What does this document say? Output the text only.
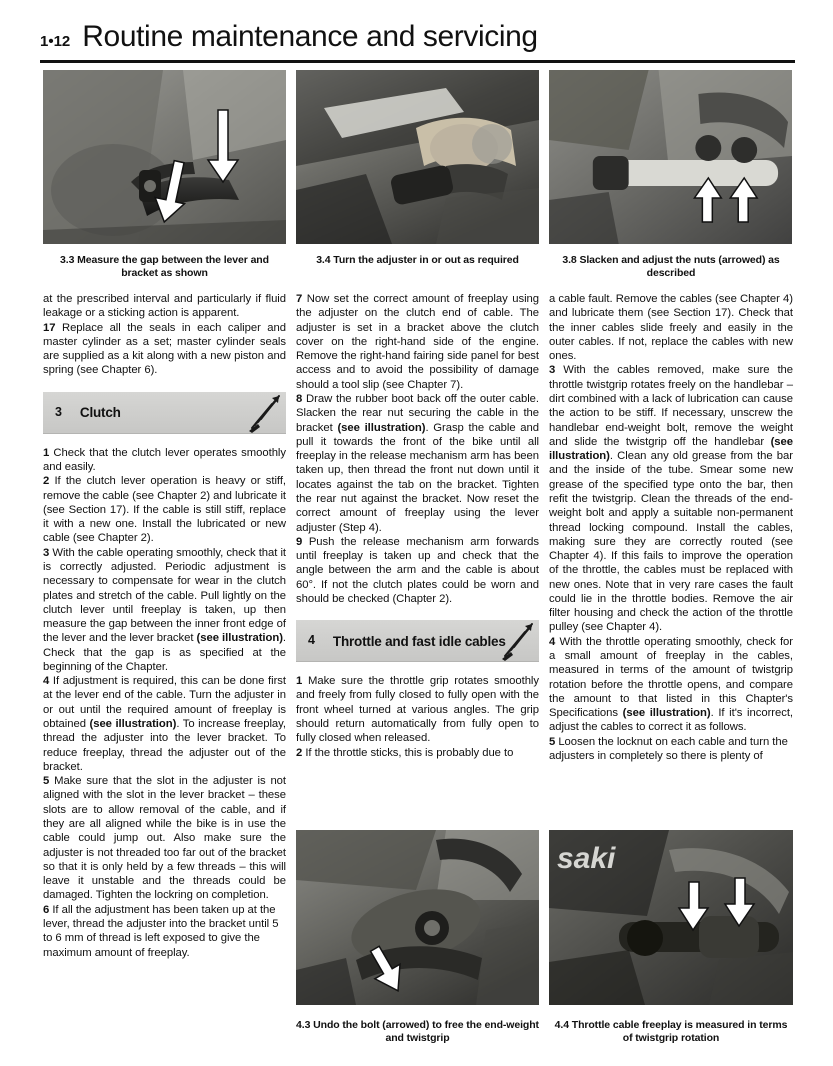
1•12 Routine maintenance and servicing
3.3 Measure the gap between the lever and bracket as shown
3.4 Turn the adjuster in or out as required	3.8 Slacken and adjust the nuts (arrowed) as described

at the prescribed interval and particularly if fluid leakage or a sticking action is apparent.

17 Replace all the seals in each caliper and master cylinder as a set; master cylinder seals are supplied as a kit along with a new piston and spring (see Chapter 6).

3 Clutch

1 Check that the clutch lever operates smoothly and easily.

2 If the clutch lever operation is heavy or stiff, remove the cable (see Chapter 2) and lubricate it (see Section 17). If the cable is still stiff, replace it with a new one. Install the lubricated or new cable (see Chapter 2).

3 With the cable operating smoothly, check that it is correctly adjusted. Periodic adjustment is necessary to compensate for wear in the clutch plates and stretch of the cable. Pull lightly on the clutch lever until freeplay is taken, up then measure the gap between the inner front edge of the lever and the lever bracket (see illustration). Check that the gap is as specified at the beginning of the Chapter.

4 If adjustment is required, this can be done first at the lever end of the cable. Turn the adjuster in or out until the required amount of freeplay is obtained (see illustration). To increase freeplay, thread the adjuster into the lever bracket. To reduce freeplay, thread the adjuster out of the bracket.

5 Make sure that the slot in the adjuster is not aligned with the slot in the lever bracket – these slots are to allow removal of the cable, and if they are all aligned while the bike is in use the cable could jump out. Also make sure the adjuster is not threaded too far out of the bracket so that it is only held by a few threads – this will leave it unstable and the threads could be damaged. Tighten the lockring on completion.

6 If all the adjustment has been taken up at the lever, thread the adjuster into the bracket until 5 to 6 mm of thread is left exposed to give the maximum amount of freeplay.

7 Now set the correct amount of freeplay using the adjuster on the clutch end of cable. The adjuster is set in a bracket above the clutch cover on the right-hand side of the engine. Remove the right-hand fairing side panel for best access and to avoid the possibility of damage should a tool slip (see Chapter 7).

8 Draw the rubber boot back off the outer cable. Slacken the rear nut securing the cable in the bracket (see illustration). Grasp the cable and pull it towards the front of the bike until all freeplay in the release mechanism arm has been taken up, then thread the front nut down until it locates against the tab on the bracket. Tighten the rear nut against the bracket. Now reset the correct amount of freeplay using the lever adjuster (Step 4).

9 Push the release mechanism arm forwards until freeplay is taken up and check that the angle between the arm and the cable is about 60°. If not the clutch plates could be worn and should be checked (Chapter 2).

4 Throttle and fast idle cables

1 Make sure the throttle grip rotates smoothly and freely from fully closed to fully open with the front wheel turned at various angles. The grip should return automatically from fully open to fully closed when released.

2 If the throttle sticks, this is probably due to

a cable fault. Remove the cables (see Chapter 4) and lubricate them (see Section 17). Check that the inner cables slide freely and easily in the outer cables. If not, replace the cables with new ones.

3 With the cables removed, make sure the throttle twistgrip rotates freely on the handlebar – dirt combined with a lack of lubrication can cause the action to be stiff. If necessary, unscrew the handlebar end-weight bolt, remove the weight and slide the twistgrip off the handlebar (see illustration). Clean any old grease from the bar and the inside of the tube. Smear some new grease of the specified type onto the bar, then refit the twistgrip. Clean the threads of the end-weight bolt and apply a suitable non-permanent thread locking compound. Install the cables, making sure they are correctly routed (see Chapter 4). If this fails to improve the operation of the throttle, the cables must be replaced with new ones. Note that in very rare cases the fault could lie in the throttle bodies. Remove the air filter housing and check the action of the throttle pulley (see Chapter 4).

4 With the throttle operating smoothly, check for a small amount of freeplay in the cables, measured in terms of the amount of twistgrip rotation before the throttle opens, and compare the amount to that listed in this Chapter's Specifications (see illustration). If it's incorrect, adjust the cables to correct it as follows.

5 Loosen the locknut on each cable and turn the adjusters in completely so there is plenty of

saki
4.3 Undo the bolt (arrowed) to free the end-weight and twistgrip
4.4 Throttle cable freeplay is measured in terms of twistgrip rotation
